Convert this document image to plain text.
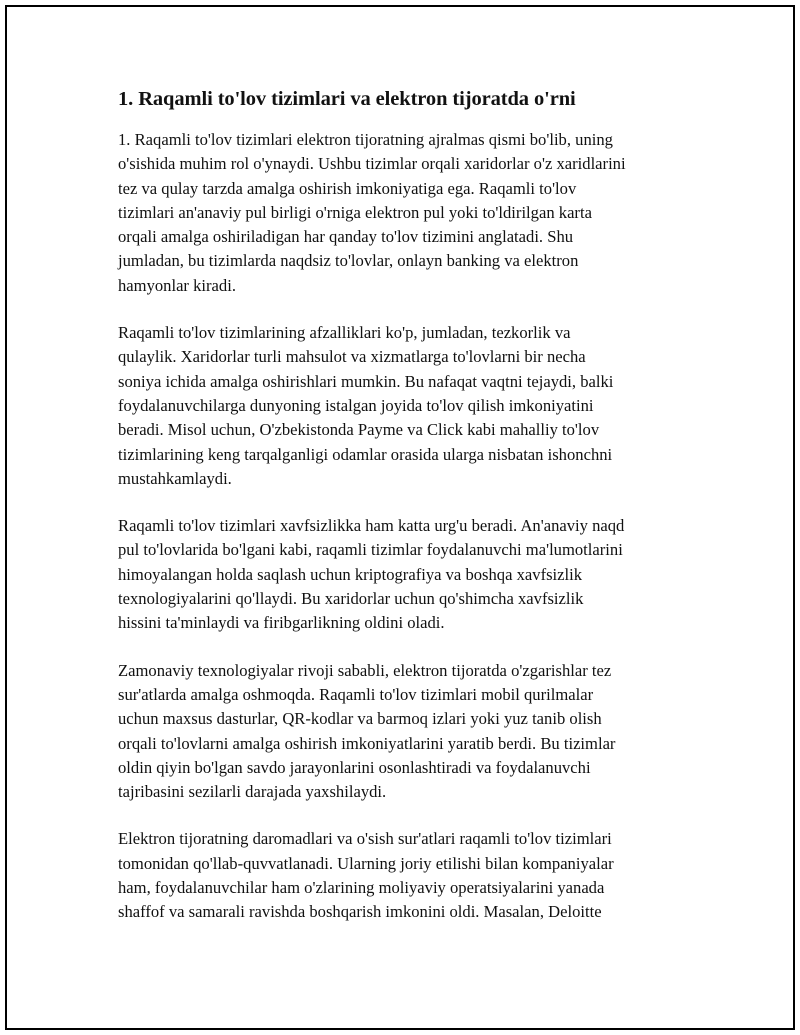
1. Raqamli to'lov tizimlari va elektron tijoratda o'rni

1. Raqamli to'lov tizimlari elektron tijoratning ajralmas qismi bo'lib, uning
o'sishida muhim rol o'ynaydi. Ushbu tizimlar orqali xaridorlar o'z xaridlarini
tez va qulay tarzda amalga oshirish imkoniyatiga ega. Raqamli to'lov
tizimlari an'anaviy pul birligi o'rniga elektron pul yoki to'ldirilgan karta
orqali amalga oshiriladigan har qanday to'lov tizimini anglatadi. Shu
jumladan, bu tizimlarda naqdsiz to'lovlar, onlayn banking va elektron
hamyonlar kiradi.

Raqamli to'lov tizimlarining afzalliklari ko'p, jumladan, tezkorlik va
qulaylik. Xaridorlar turli mahsulot va xizmatlarga to'lovlarni bir necha
soniya ichida amalga oshirishlari mumkin. Bu nafaqat vaqtni tejaydi, balki
foydalanuvchilarga dunyoning istalgan joyida to'lov qilish imkoniyatini
beradi. Misol uchun, O'zbekistonda Payme va Click kabi mahalliy to'lov
tizimlarining keng tarqalganligi odamlar orasida ularga nisbatan ishonchni
mustahkamlaydi.

Raqamli to'lov tizimlari xavfsizlikka ham katta urg'u beradi. An'anaviy naqd
pul to'lovlarida bo'lgani kabi, raqamli tizimlar foydalanuvchi ma'lumotlarini
himoyalangan holda saqlash uchun kriptografiya va boshqa xavfsizlik
texnologiyalarini qo'llaydi. Bu xaridorlar uchun qo'shimcha xavfsizlik
hissini ta'minlaydi va firibgarlikning oldini oladi.

Zamonaviy texnologiyalar rivoji sababli, elektron tijoratda o'zgarishlar tez
sur'atlarda amalga oshmoqda. Raqamli to'lov tizimlari mobil qurilmalar
uchun maxsus dasturlar, QR-kodlar va barmoq izlari yoki yuz tanib olish
orqali to'lovlarni amalga oshirish imkoniyatlarini yaratib berdi. Bu tizimlar
oldin qiyin bo'lgan savdo jarayonlarini osonlashtiradi va foydalanuvchi
tajribasini sezilarli darajada yaxshilaydi.

Elektron tijoratning daromadlari va o'sish sur'atlari raqamli to'lov tizimlari
tomonidan qo'llab-quvvatlanadi. Ularning joriy etilishi bilan kompaniyalar
ham, foydalanuvchilar ham o'zlarining moliyaviy operatsiyalarini yanada
shaffof va samarali ravishda boshqarish imkonini oldi. Masalan, Deloitte
